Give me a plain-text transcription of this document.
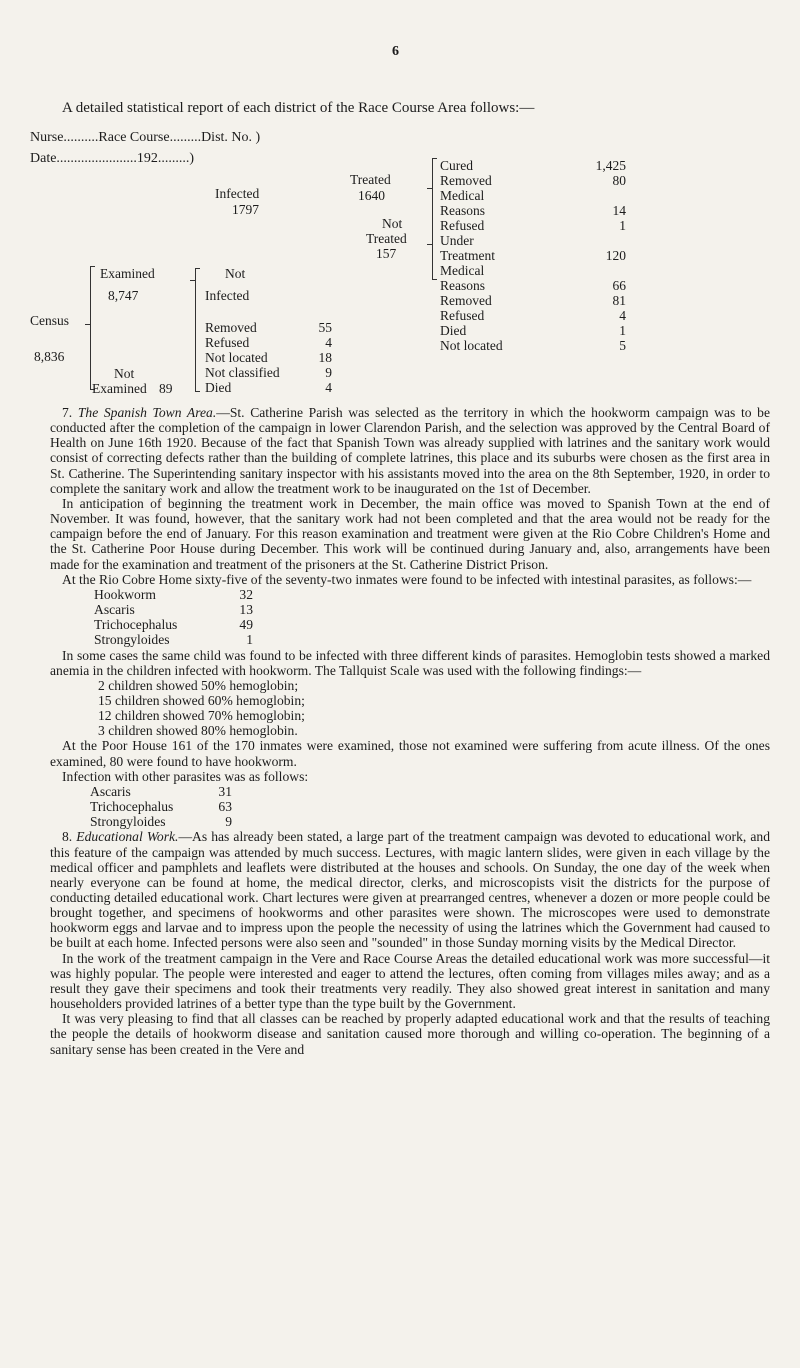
6
A detailed statistical report of each district of the Race Course Area follows:—
Nurse..........Race Course.........Dist. No. )
Date.......................192.........)
Census
8,836
Examined
8,747
Not
Examined 89
Not
Infected
Removed	55
Refused	4
Not located	18
Not classified	9
Died	4
Infected
1797
Treated
1640
Not
Treated
157
Cured	1,425
Removed	80
Medical
Reasons	14
Refused	1
Under
Treatment	120
Medical
Reasons	66
Removed	81
Refused	4
Died	1
Not located	5

7. The Spanish Town Area.—St. Catherine Parish was selected as the territory in which the hookworm campaign was to be conducted after the completion of the campaign in lower Clarendon Parish, and the selection was approved by the Central Board of Health on June 16th 1920. Because of the fact that Spanish Town was already supplied with latrines and the sanitary work would consist of correcting defects rather than the building of complete latrines, this place and its suburbs were chosen as the first area in St. Catherine. The Superintending sanitary inspector with his assistants moved into the area on the 8th September, 1920, in order to complete the sanitary work and allow the treatment work to be inaugurated on the 1st of December.

In anticipation of beginning the treatment work in December, the main office was moved to Spanish Town at the end of November. It was found, however, that the sanitary work had not been completed and that the area would not be ready for the campaign before the end of January. For this reason examination and treatment were given at the Rio Cobre Children's Home and the St. Catherine Poor House during December. This work will be continued during January and, also, arrangements have been made for the examination and treatment of the prisoners at the St. Catherine District Prison.

At the Rio Cobre Home sixty-five of the seventy-two inmates were found to be infected with intestinal parasites, as follows:—

Hookworm	32
Ascaris	13
Trichocephalus	49
Strongyloides	1

In some cases the same child was found to be infected with three different kinds of parasites. Hemoglobin tests showed a marked anemia in the children infected with hookworm. The Tallquist Scale was used with the following findings:—

2 children showed 50% hemoglobin;
15 children showed 60% hemoglobin;
12 children showed 70% hemoglobin;
3 children showed 80% hemoglobin.

At the Poor House 161 of the 170 inmates were examined, those not examined were suffering from acute illness. Of the ones examined, 80 were found to have hookworm.

Infection with other parasites was as follows:

Ascaris	31
Trichocephalus	63
Strongyloides	9

8. Educational Work.—As has already been stated, a large part of the treatment campaign was devoted to educational work, and this feature of the campaign was attended by much success. Lectures, with magic lantern slides, were given in each village by the medical officer and pamphlets and leaflets were distributed at the houses and schools. On Sunday, the one day of the week when nearly everyone can be found at home, the medical director, clerks, and microscopists visit the districts for the purpose of conducting detailed educational work. Chart lectures were given at prearranged centres, whenever a dozen or more people could be brought together, and specimens of hookworms and other parasites were shown. The microscopes were used to demonstrate hookworm eggs and larvae and to impress upon the people the necessity of using the latrines which the Government had caused to be built at each home. Infected persons were also seen and "sounded" in those Sunday morning visits by the Medical Director.

In the work of the treatment campaign in the Vere and Race Course Areas the detailed educational work was more successful—it was highly popular. The people were interested and eager to attend the lectures, often coming from villages miles away; and as a result they gave their specimens and took their treatments very readily. They also showed great interest in sanitation and many householders provided latrines of a better type than the type built by the Government.

It was very pleasing to find that all classes can be reached by properly adapted educational work and that the results of teaching the people the details of hookworm disease and sanitation caused more thorough and willing co-operation. The beginning of a sanitary sense has been created in the Vere and
